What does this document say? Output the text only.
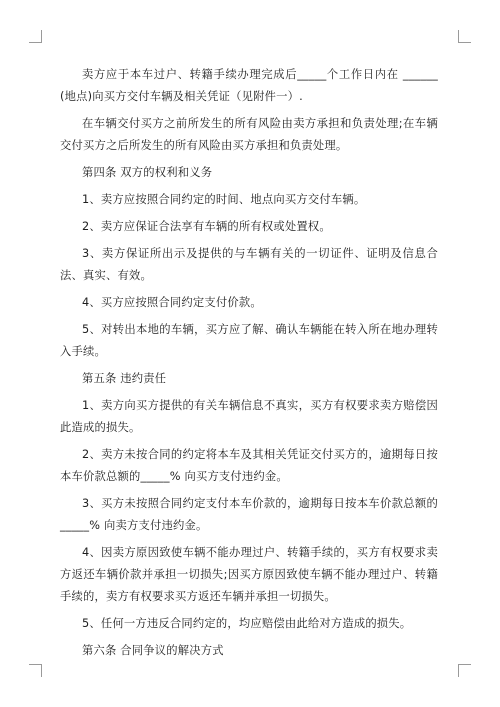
卖方应于本车过户、转籍手续办理完成后_____个工作日内在 ______(地点)向买方交付车辆及相关凭证（见附件一）.

在车辆交付买方之前所发生的所有风险由卖方承担和负责处理;在车辆交付买方之后所发生的所有风险由买方承担和负责处理。

第四条 双方的权利和义务

1、卖方应按照合同约定的时间、地点向买方交付车辆。

2、卖方应保证合法享有车辆的所有权或处置权。

3、卖方保证所出示及提供的与车辆有关的一切证件、证明及信息合法、真实、有效。

4、买方应按照合同约定支付价款。

5、对转出本地的车辆，买方应了解、确认车辆能在转入所在地办理转入手续。

第五条 违约责任

1、卖方向买方提供的有关车辆信息不真实，买方有权要求卖方赔偿因此造成的损失。

2、卖方未按合同的约定将本车及其相关凭证交付买方的，逾期每日按本车价款总额的_____% 向买方支付违约金。

3、买方未按照合同约定支付本车价款的，逾期每日按本车价款总额的_____% 向卖方支付违约金。

4、因卖方原因致使车辆不能办理过户、转籍手续的，买方有权要求卖方返还车辆价款并承担一切损失;因买方原因致使车辆不能办理过户、转籍手续的，卖方有权要求买方返还车辆并承担一切损失。

5、任何一方违反合同约定的，均应赔偿由此给对方造成的损失。

第六条 合同争议的解决方式
